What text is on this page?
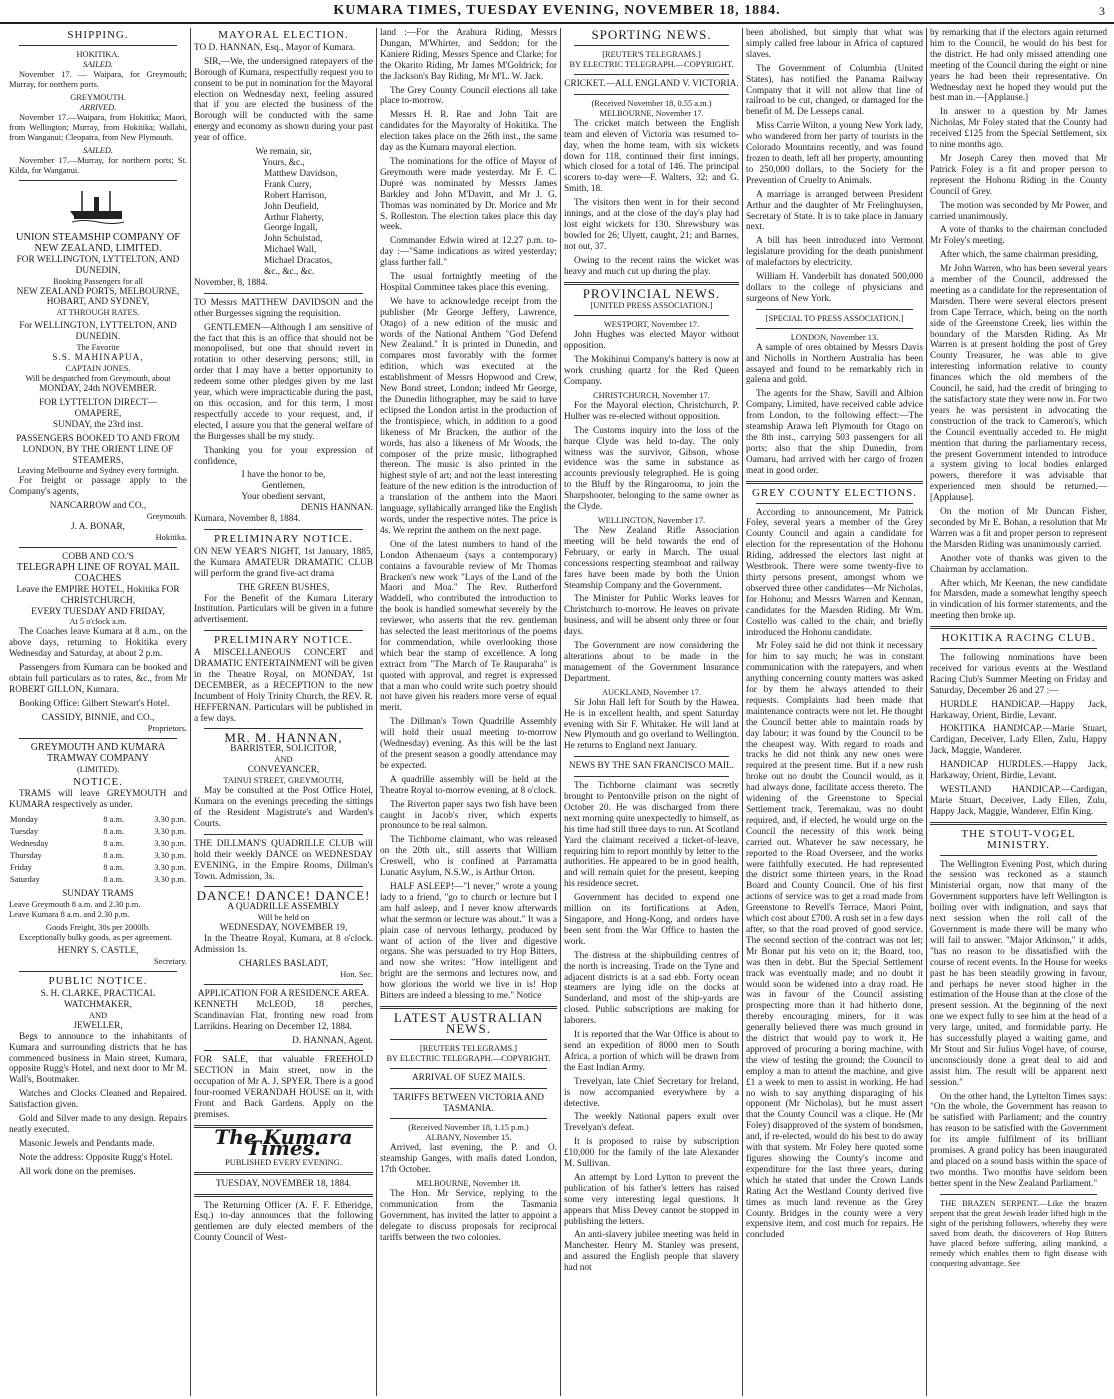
KUMARA TIMES, TUESDAY EVENING, NOVEMBER 18, 1884.	3
SHIPPING.
HOKITIKA.
SAILED.

November 17. — Waipara, for Greymouth; Murray, for northern ports.

GREYMOUTH.
ARRIVED.

November 17.—Waipara, from Hokitika; Maori, from Wellington; Murray, from Hokitika; Wallabi, from Wanganui; Cleopatra, from New Plymouth.

SAILED.

November 17.—Murray, for northern ports; St. Kilda, for Wanganui.

UNION STEAMSHIP COMPANY OF NEW ZEALAND, LIMITED.
FOR WELLINGTON, LYTTELTON, AND DUNEDIN,
Booking Passengers for all
NEW ZEALAND PORTS, MELBOURNE, HOBART, AND SYDNEY,
AT THROUGH RATES.
For WELLINGTON, LYTTELTON, AND DUNEDIN.
The Favorite
S.S. MAHINAPUA,
CAPTAIN JONES.
Will be despatched from Greymouth, about
MONDAY, 24th NOVEMBER.
FOR LYTTELTON DIRECT—
OMAPERE,
SUNDAY, the 23rd inst.
PASSENGERS BOOKED TO AND FROM LONDON, BY THE ORIENT LINE OF STEAMERS,
Leaving Melbourne and Sydney every fortnight.

For freight or passage apply to the Company's agents,

NANCARROW and CO.,
Greymouth.
J. A. BONAR,
Hokitika.
COBB AND CO.'S
TELEGRAPH LINE OF ROYAL MAIL COACHES
Leave the EMPIRE HOTEL, Hokitika FOR CHRISTCHURCH,
EVERY TUESDAY AND FRIDAY,
At 5 o'clock a.m.

The Coaches leave Kumara at 8 a.m., on the above days, returning to Hokitika every Wednesday and Saturday, at about 2 p.m.

Passengers from Kumara can be booked and obtain full particulars as to rates, &c., from Mr ROBERT GILLON, Kumara.

Booking Office: Gilbert Stewart's Hotel.

CASSIDY, BINNIE, and CO.,
Proprietors.
GREYMOUTH AND KUMARA TRAMWAY COMPANY
(LIMITED).
NOTICE.

TRAMS will leave GREYMOUTH and KUMARA respectively as under.

Monday	8 a.m.	3.30 p.m.
Tuesday	8 a.m.	3.30 p.m.
Wednesday	8 a.m.	3.30 p.m.
Thursday	8 a.m.	3.30 p.m.
Friday	8 a.m.	3.30 p.m.
Saturday	8 a.m.	3.30 p.m.
SUNDAY TRAMS
Leave Greymouth 8 a.m. and 2.30 p.m.
Leave Kumara 8 a.m. and 2.30 p.m.
Goods Freight, 30s per 2000lb.

Exceptionally bulky goods, as per agreement.

HENRY S. CASTLE,
Secretary.
PUBLIC NOTICE.
S. H. CLARKE, PRACTICAL WATCHMAKER,
AND
JEWELLER,

Begs to announce to the inhabitants of Kumara and surrounding districts that he has commenced business in Main street, Kumara, opposite Rugg's Hotel, and next door to Mr M. Wall's, Bootmaker.

Watches and Clocks Cleaned and Repaired. Satisfaction given.

Gold and Silver made to any design. Repairs neatly executed.

Masonic Jewels and Pendants made.

Note the address: Opposite Rugg's Hotel.

All work done on the premises.

MAYORAL ELECTION.

TO D. HANNAN, Esq., Mayor of Kumara.

SIR,—We, the undersigned ratepayers of the Borough of Kumara, respectfully request you to consent to be put in nomination for the Mayoral election on Wednesday next, feeling assured that if you are elected the business of the Borough will be conducted with the same energy and economy as shown during your past year of office.

We remain, sir,
Yours, &c.,
Matthew Davidson,
Frank Curry,
Robert Harrison,
John Deufield,
Arthur Flaherty,
George Ingall,
John Schulstad,
Michael Wall,
Michael Dracatos,
&c., &c., &c.
November, 8, 1884.

TO Messrs MATTHEW DAVIDSON and the other Burgesses signing the requisition.

GENTLEMEN—Although I am sensitive of the fact that this is an office that should not be monopolised, but one that should revert in rotation to other deserving persons; still, in order that I may have a better opportunity to redeem some other pledges given by me last year, which were impracticable during the past, on this occasion, and for this term, I most respectfully accede to your request, and, if elected, I assure you that the general welfare of the Burgesses shall be my study.

Thanking you for your expression of confidence,

I have the honor to be,
Gentlemen,
Your obedient servant,
DENIS HANNAN.
Kumara, November 8, 1884.
PRELIMINARY NOTICE.

ON NEW YEAR'S NIGHT, 1st January, 1885, the Kumara AMATEUR DRAMATIC CLUB will perform the grand five-act drama

THE GREEN BUSHES,

For the Benefit of the Kumara Literary Institution. Particulars will be given in a future advertisement.

PRELIMINARY NOTICE.

A MISCELLANEOUS CONCERT and DRAMATIC ENTERTAINMENT will be given in the Theatre Royal, on MONDAY, 1st DECEMBER, as a RECEPTION to the new Incumbent of Holy Trinity Church, the REV. R. HEFFERNAN. Particulars will be published in a few days.

MR. M. HANNAN,
BARRISTER, SOLICITOR,
AND
CONVEYANCER,
TAINUI STREET, GREYMOUTH,

May be consulted at the Post Office Hotel, Kumara on the evenings preceding the sittings of the Resident Magistrate's and Warden's Courts.

THE DILLMAN'S QUADRILLE CLUB will hold their weekly DANCE on WEDNESDAY EVENING, in the Empire Rooms, Dillman's Town. Admission, 3s.

DANCE! DANCE! DANCE!
A QUADRILLE ASSEMBLY
Will be held on
WEDNESDAY, NOVEMBER 19,

In the Theatre Royal, Kumara, at 8 o'clock. Admission 1s.

CHARLES BASLADT,
Hon. Sec.
APPLICATION FOR A RESIDENCE AREA.

KENNETH McLEOD, 18 perches, Scandinavian Flat, fronting new road from Larrikins. Hearing on December 12, 1884.

D. HANNAN, Agent.

FOR SALE, that valuable FREEHOLD SECTION in Main street, now in the occupation of Mr A. J. SPYER. There is a good four-roomed VERANDAH HOUSE on it, with Front and Back Gardens. Apply on the premises.

The Kumara Times.
PUBLISHED EVERY EVENING.
TUESDAY, NOVEMBER 18, 1884.

The Returning Officer (A. F. F. Etheridge, Esq.) to-day announces that the following gentlemen are duly elected members of the County Council of West-

land :—For the Arahura Riding, Messrs Dungan, M'Whirter, and Seddon; for the Kaniere Riding, Messrs Spence and Clarke; for the Okarito Riding, Mr James M'Goldrick; for the Jackson's Bay Riding, Mr M'L. W. Jack.

The Grey County Council elections all take place to-morrow.

Messrs H. R. Rae and John Tait are candidates for the Mayoralty of Hokitika. The election takes place on the 26th inst., the same day as the Kumara mayoral election.

The nominations for the office of Mayor of Greymouth were made yesterday. Mr F. C. Dupré was nominated by Messrs James Barkley and John M'Davitt, and Mr J. G. Thomas was nominated by Dr. Morice and Mr S. Rolleston. The election takes place this day week.

Commander Edwin wired at 12.27 p.m. to-day :—"Same indications as wired yesterday; glass further fall."

The usual fortnightly meeting of the Hospital Committee takes place this evening.

We have to acknowledge receipt from the publisher (Mr George Jeffery, Lawrence, Otago) of a new edition of the music and words of the National Anthem "God Defend New Zealand." It is printed in Dunedin, and compares most favorably with the former edition, which was executed at the establishment of Messrs Hopwood and Crew, New Bond street, London; indeed Mr George, the Dunedin lithographer, may be said to have eclipsed the London artist in the production of the frontispiece, which, in addition to a good likeness of Mr Bracken, the author of the words, has also a likeness of Mr Woods, the composer of the prize music, lithographed thereon. The music is also printed in the highest style of art; and not the least interesting feature of the new edition is the introduction of a translation of the anthem into the Maori language, syllabically arranged like the English words, under the respective notes. The price is 4s. We reprint the anthem on the next page.

One of the latest numbers to hand of the London Athenaeum (says a contemporary) contains a favourable review of Mr Thomas Bracken's new work "Lays of the Land of the Maori and Moa." The Rev. Rutherford Waddell, who contributed the introduction to the book is handled somewhat severely by the reviewer, who asserts that the rev. gentleman has selected the least meritorious of the poems for commendation, while overlooking those which bear the stamp of excellence. A long extract from "The March of Te Rauparaha" is quoted with approval, and regret is expressed that a man who could write such poetry should not have given his readers more verse of equal merit.

The Dillman's Town Quadrille Assembly will hold their usual meeting to-morrow (Wednesday) evening. As this will be the last of the present season a goodly attendance may be expected.

A quadrille assembly will be held at the Theatre Royal to-morrow evening, at 8 o'clock.

The Riverton paper says two fish have been caught in Jacob's river, which experts pronounce to be real salmon.

The Tichborne claimant, who was released on the 20th ult., still asserts that William Creswell, who is confined at Parramatta Lunatic Asylum, N.S.W., is Arthur Orton.

HALF ASLEEP!—"I never," wrote a young lady to a friend, "go to church or lecture but I am half asleep, and I never know afterwards what the sermon or lecture was about." It was a plain case of nervous lethargy, produced by want of action of the liver and digestive organs. She was persuaded to try Hop Bitters, and now she writes: "How intelligent and bright are the sermons and lectures now, and how glorious the world we live in is! Hop Bitters are indeed a blessing to me." Notice

LATEST AUSTRALIAN NEWS.
[REUTERS TELEGRAMS.]
BY ELECTRIC TELEGRAPH.—COPYRIGHT.
ARRIVAL OF SUEZ MAILS.
TARIFFS BETWEEN VICTORIA AND TASMANIA.
(Received November 18, 1.15 p.m.)
ALBANY, November 15.

Arrived, last evening, the P. and O. steamship Ganges, with mails dated London, 17th October.

MELBOURNE, November 18.

The Hon. Mr Service, replying to the communication from the Tasmania Government, has invited the latter to appoint a delegate to discuss proposals for reciprocal tariffs between the two colonies.

SPORTING NEWS.
[REUTER'S TELEGRAMS.]
BY ELECTRIC TELEGRAPH.—COPYRIGHT.
CRICKET.—ALL ENGLAND V. VICTORIA.
(Received November 18, 0.55 a.m.)
MELBOURNE, November 17.

The cricket match between the English team and eleven of Victoria was resumed to-day, when the home team, with six wickets down for 118, continued their first innings, which closed for a total of 146. The principal scorers to-day were—F. Walters, 32; and G. Smith, 18.

The visitors then went in for their second innings, and at the close of the day's play had lost eight wickets for 130. Shrewsbury was bowled for 26; Ulyett, caught, 21; and Barnes, not out, 37.

Owing to the recent rains the wicket was heavy and much cut up during the play.

PROVINCIAL NEWS.
[UNITED PRESS ASSOCIATION.]
WESTPORT, November 17.

John Hughes was elected Mayor without opposition.

The Mokihinui Company's battery is now at work crushing quartz for the Red Queen Company.

CHRISTCHURCH, November 17.

For the Mayoral election, Christchurch, P. Hulber was re-elected without opposition.

The Customs inquiry into the loss of the barque Clyde was held to-day. The only witness was the survivor, Gibson, whose evidence was the same in substance as accounts previously telegraphed. He is going to the Bluff by the Ringarooma, to join the Sharpshooter, belonging to the same owner as the Clyde.

WELLINGTON, November 17.

The New Zealand Rifle Association meeting will be held towards the end of February, or early in March. The usual concessions respecting steamboat and railway fares have been made by both the Union Steamship Company and the Government.

The Minister for Public Works leaves for Christchurch to-morrow. He leaves on private business, and will be absent only three or four days.

The Government are now considering the alterations about to be made in the management of the Government Insurance Department.

AUCKLAND, November 17.

Sir John Hall left for South by the Hawea. He is in excellent health, and spent Saturday evening with Sir F. Whitaker. He will land at New Plymouth and go overland to Wellington. He returns to England next January.

NEWS BY THE SAN FRANCISCO MAIL.

The Tichborne claimant was secretly brought to Pentonville prison on the night of October 20. He was discharged from there next morning quite unexpectedly to himself, as his time had still three days to run. At Scotland Yard the claimant received a ticket-of-leave, requiring him to report monthly by letter to the authorities. He appeared to be in good health, and will remain quiet for the present, keeping his residence secret.

Government has decided to expend one million on its fortifications at Aden, Singapore, and Hong-Kong, and orders have been sent from the War Office to hasten the work.

The distress at the shipbuilding centres of the north is increasing. Trade on the Tyne and adjacent districts is at a sad ebb. Forty ocean steamers are lying idle on the docks at Sunderland, and most of the ship-yards are closed. Public subscriptions are making for laborers.

It is reported that the War Office is about to send an expedition of 8000 men to South Africa, a portion of which will be drawn from the East Indian Army.

Trevelyan, late Chief Secretary for Ireland, is now accompanied everywhere by a detective.

The weekly National papers exult over Trevelyan's defeat.

It is proposed to raise by subscription £10,000 for the family of the late Alexander M. Sullivan.

An attempt by Lord Lytton to prevent the publication of his father's letters has raised some very interesting legal questions. It appears that Miss Devey cannot be stopped in publishing the letters.

An anti-slavery jubilee meeting was held in Manchester. Henry M. Stanley was present, and assured the English people that slavery had not

been abolished, but simply that what was simply called free labour in Africa of captured slaves.

The Government of Columbia (United States), has notified the Panama Railway Company that it will not allow that line of railroad to be cut, changed, or damaged for the benefit of M. De Lesseps canal.

Miss Carrie Wilton, a young New York lady, who wandered from her party of tourists in the Colorado Mountains recently, and was found frozen to death, left all her property, amounting to 250,000 dollars, to the Society for the Prevention of Cruelty to Animals.

A marriage is arranged between President Arthur and the daughter of Mr Frelinghuysen, Secretary of State. It is to take place in January next.

A bill has been introduced into Vermont legislature providing for the death punishment of malefactors by electricity.

William H. Vanderbilt has donated 500,000 dollars to the college of physicians and surgeons of New York.

[SPECIAL TO PRESS ASSOCIATION.]
LONDON, November 13.

A sample of ores obtained by Messrs Davis and Nicholls in Northern Australia has been assayed and found to be remarkably rich in galena and gold.

The agents for the Shaw, Savill and Albion Company, Limited, have received cable advice from London, to the following effect:—The steamship Arawa left Plymouth for Otago on the 8th inst., carrying 503 passengers for all ports; also that the ship Dunedin, from Oamaru, had arrived with her cargo of frozen meat in good order.

GREY COUNTY ELECTIONS.

According to announcement, Mr Patrick Foley, several years a member of the Grey County Council and again a candidate for election for the representation of the Hohonu Riding, addressed the electors last night at Westbrook. There were some twenty-five to thirty persons present, amongst whom we observed three other candidates—Mr Nicholas, for Hohonu; and Messrs Warren and Kennan, candidates for the Marsden Riding. Mr Wm. Costello was called to the chair, and briefly introduced the Hohonu candidate.

Mr Foley said he did not think it necessary for him to say much; he was in constant communication with the ratepayers, and when anything concerning county matters was asked for by them he always attended to their requests. Complaints had been made that maintenance contracts were not let. He thought the Council better able to maintain roads by day labour; it was found by the Council to be the cheapest way. With regard to roads and tracks he did not think any new ones were required at the present time. But if a new rush broke out no doubt the Council would, as it had always done, facilitate access thereto. The widening of the Greenstone to Special Settlement track, Teremakau, was no doubt required, and, if elected, he would urge on the Council the necessity of this work being carried out. Whatever he saw necessary, he reported to the Road Overseer, and the works were faithfully executed. He had represented the district some thirteen years, in the Road Board and County Council. One of his first actions of service was to get a road made from Greenstone to Revell's Terrace, Maori Point, which cost about £700. A rush set in a few days after, so that the road proved of good service. The second section of the contract was not let; Mr Bonar put his veto on it; the Board, too, was then in debt. But the Special Settlement track was eventually made; and no doubt it would soon be widened into a dray road. He was in favour of the Council assisting prospecting more than it had hitherto done, thereby encouraging miners, for it was generally believed there was much ground in the district that would pay to work it. He approved of procuring a boring machine, with the view of testing the ground; the Council to employ a man to attend the machine, and give £1 a week to men to assist in working. He had no wish to say anything disparaging of his opponent (Mr Nicholas), but he must assert that the County Council was a clique. He (Mr Foley) disapproved of the system of bondsmen, and, if re-elected, would do his best to do away with that system. Mr Foley here quoted some figures showing the County's income and expenditure for the last three years, during which he stated that under the Crown Lands Rating Act the Westland County derived five times as much land revenue as the Grey County. Bridges in the county were a very expensive item, and cost much for repairs. He concluded

by remarking that if the electors again returned him to the Council, he would do his best for the district. He had only missed attending one meeting of the Council during the eight or nine years he had been their representative. On Wednesday next he hoped they would put the best man in.—[Applause.]

In answer to a question by Mr James Nicholas, Mr Foley stated that the County had received £125 from the Special Settlement, six to nine months ago.

Mr Joseph Carey then moved that Mr Patrick Foley is a fit and proper person to represent the Hohonu Riding in the County Council of Grey.

The motion was seconded by Mr Power, and carried unanimously.

A vote of thanks to the chairman concluded Mr Foley's meeting.

After which, the same chairman presiding,

Mr John Warren, who has been several years a member of the Council, addressed the meeting as a candidate for the representation of Marsden. There were several electors present from Cape Terrace, which, being on the north side of the Greenstone Creek, lies within the boundary of the Marsden Riding. As Mr Warren is at present holding the post of Grey County Treasurer, he was able to give interesting information relative to county finances which the old members of the Council, he said, had the credit of bringing to the satisfactory state they were now in. For two years he was persistent in advocating the construction of the track to Cameron's, which the Council eventually acceded to. He might mention that during the parliamentary recess, the present Government intended to introduce a system giving to local bodies enlarged powers, therefore it was advisable that experienced men should be returned.—[Applause].

On the motion of Mr Duncan Fisher, seconded by Mr E. Bohan, a resolution that Mr Warren was a fit and proper person to represent the Marsden Riding was unanimously carried.

Another vote of thanks was given to the Chairman by acclamation.

After which, Mr Keenan, the new candidate for Marsden, made a somewhat lengthy speech in vindication of his former statements, and the meeting then broke up.

HOKITIKA RACING CLUB.

The following nominations have been received for various events at the Westland Racing Club's Summer Meeting on Friday and Saturday, December 26 and 27 :—

HURDLE HANDICAP.—Happy Jack, Harkaway, Orient, Birdie, Levant.

HOKITIKA HANDICAP.—Marie Stuart, Cardigan, Deceiver, Lady Ellen, Zulu, Happy Jack, Maggie, Wanderer.

HANDICAP HURDLES.—Happy Jack, Harkaway, Orient, Birdie, Levant.

WESTLAND HANDICAP.—Cardigan, Marie Stuart, Deceiver, Lady Ellen, Zulu, Happy Jack, Maggie, Wanderer, Elfin King.

THE STOUT-VOGEL MINISTRY.

The Wellington Evening Post, which during the session was reckoned as a staunch Ministerial organ, now that many of the Government supporters have left Wellington is boiling over with indignation, and says that next session when the roll call of the Government is made there will be many who will fail to answer. "Major Atkinson," it adds, "has no reason to be dissatisfied with the course of recent events. In the House for weeks past he has been steadily growing in favour, and perhaps he never stood higher in the estimation of the House than at the close of the present session. At the beginning of the next one we expect fully to see him at the head of a very large, united, and formidable party. He has successfully played a waiting game, and Mr Stout and Sir Julius Vogel have, of course, unconsciously done a great deal to aid and assist him. The result will be apparent next session."

On the other hand, the Lyttelton Times says: "On the whole, the Government has reason to be satisfied with Parliament; and the country has reason to be satisfied with the Government for its ample fulfilment of its brilliant promises. A grand policy has been inaugurated and placed on a sound basis within the space of two months. Two months have seldom been better spent in the New Zealand Parliament."

THE BRAZEN SERPENT.—Like the brazen serpent that the great Jewish leader lifted high in the sight of the perishing followers, whereby they were saved from death, the discoverers of Hop Bitters have placed before suffering, ailing mankind, a remedy which enables them to fight disease with conquering advantage. See
